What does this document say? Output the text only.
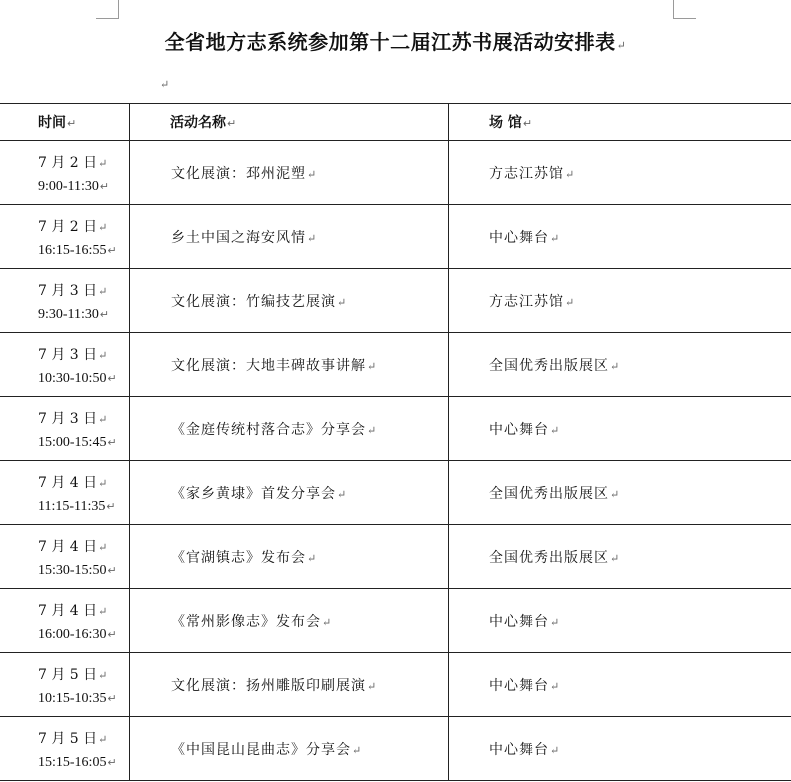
全省地方志系统参加第十二届江苏书展活动安排表↵
↵
时间↵	活动名称↵	场 馆↵

7 月 2 日↵
9:00-11:30↵	文化展演：邳州泥塑↵	方志江苏馆↵

7 月 2 日↵
16:15-16:55↵	乡土中国之海安风情↵	中心舞台↵

7 月 3 日↵
9:30-11:30↵	文化展演：竹编技艺展演↵	方志江苏馆↵

7 月 3 日↵
10:30-10:50↵	文化展演：大地丰碑故事讲解↵	全国优秀出版展区↵

7 月 3 日↵
15:00-15:45↵	《金庭传统村落合志》分享会↵	中心舞台↵

7 月 4 日↵
11:15-11:35↵	《家乡黄埭》首发分享会↵	全国优秀出版展区↵

7 月 4 日↵
15:30-15:50↵	《官湖镇志》发布会↵	全国优秀出版展区↵

7 月 4 日↵
16:00-16:30↵	《常州影像志》发布会↵	中心舞台↵

7 月 5 日↵
10:15-10:35↵	文化展演：扬州雕版印刷展演↵	中心舞台↵

7 月 5 日↵
15:15-16:05↵	《中国昆山昆曲志》分享会↵	中心舞台↵
